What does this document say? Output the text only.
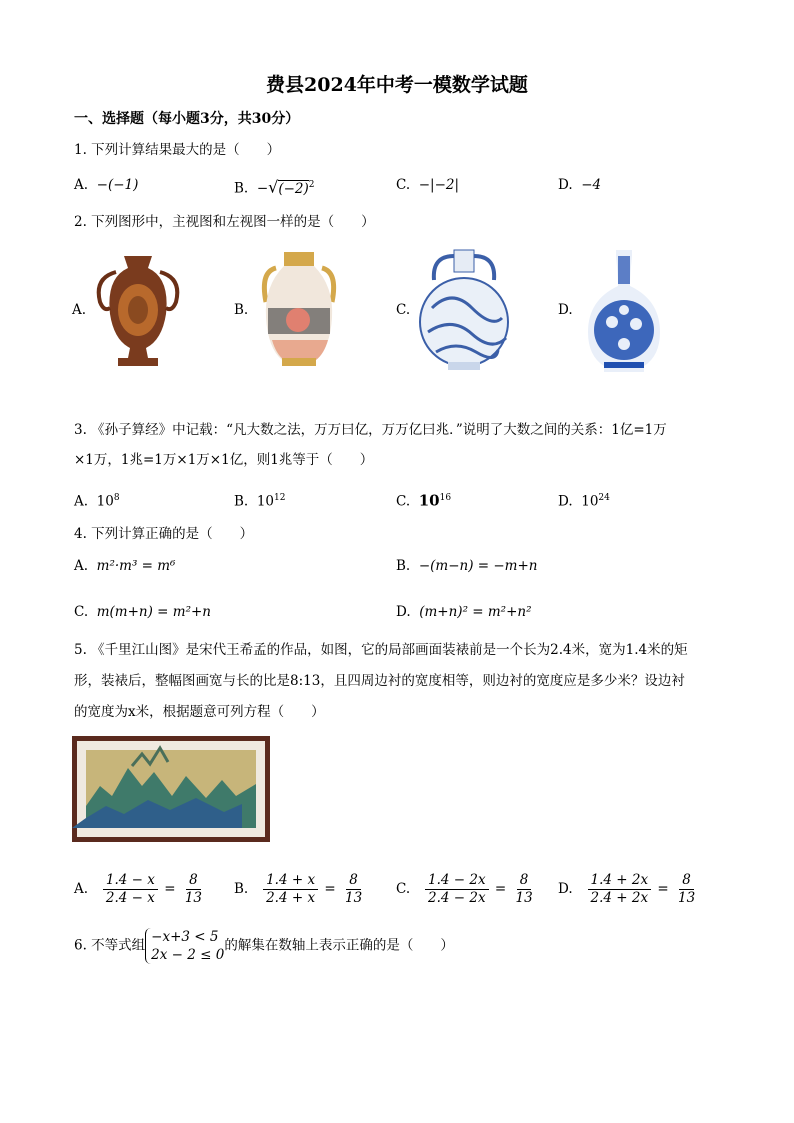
费县2024年中考一模数学试题
一、选择题（每小题3分，共30分）
1. 下列计算结果最大的是（　　）
A. −(−1)	B. $-√(-2)^2$	C. −|−2|	D. −4
2. 下列图形中，主视图和左视图一样的是（　　）
A.	B.	C.	D.
3. 《孙子算经》中记载：“凡大数之法，万万曰亿，万万亿曰兆．”说明了大数之间的关系：1亿=1万
×1万，1兆=1万×1万×1亿，则1兆等于（　　）
A. $10^8$	B. $10^{12}$	C. $10^{16}$	D. $10^{24}$
4. 下列计算正确的是（　　）
A. m²·m³ = m⁶	B. −(m−n) = −m+n
C. m(m+n) = m²+n	D. (m+n)² = m²+n²
5. 《千里江山图》是宋代王希孟的作品，如图，它的局部画面装裱前是一个长为2.4米，宽为1.4米的矩
形，装裱后，整幅图画宽与长的比是8:13，且四周边衬的宽度相等，则边衬的宽度应是多少米？设边衬
的宽度为x米，根据题意可列方程（　　）
A. $\frac{1.4 - x}{2.4 - x} = \frac{8}{13} B$. $\frac{1.4 + x}{2.4 + x} = \frac{8}{13} C$. $\frac{1.4 - 2x}{2.4 - 2x} = \frac{8}{13} D$. $\frac{1.4 + 2x}{2.4 + 2x} = \frac{8}{13}$
6. 不等式组−x+3 < 5
2x − 2 ≤ 0的解集在数轴上表示正确的是（　　）
